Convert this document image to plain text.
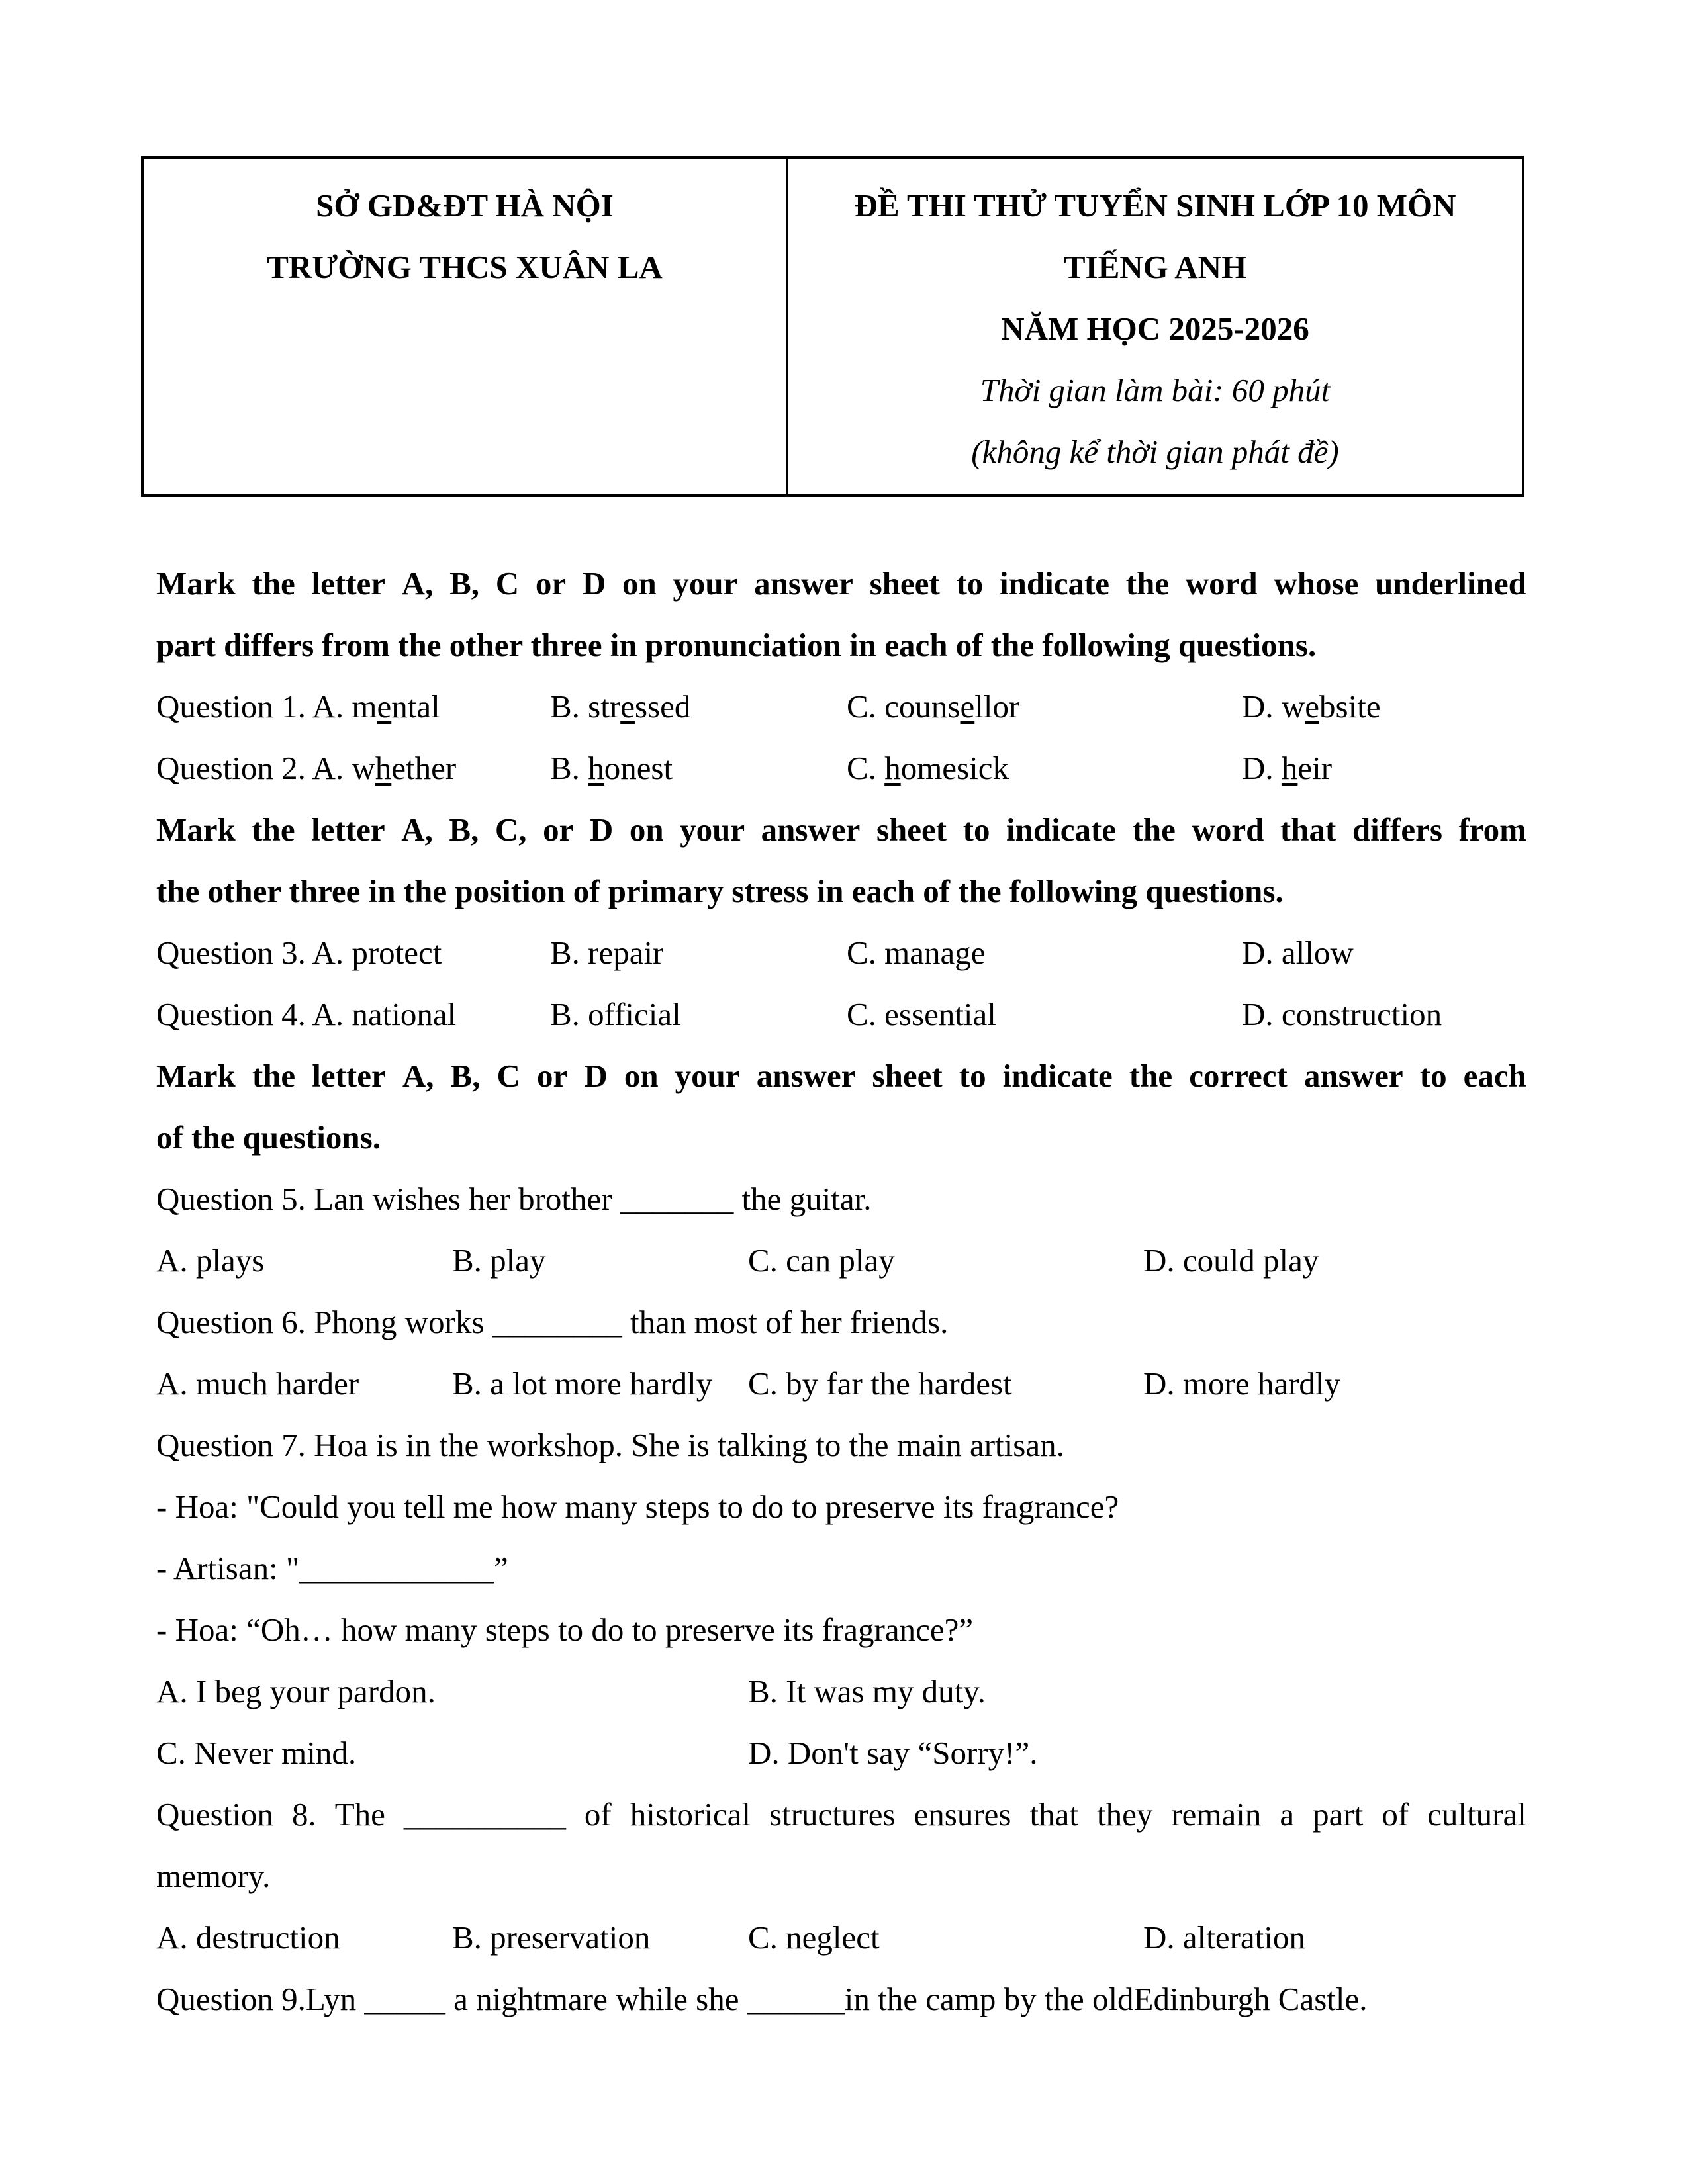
SỞ GD&ĐT HÀ NỘI
TRƯỜNG THCS XUÂN LA
ĐỀ THI THỬ TUYỂN SINH LỚP 10 MÔN
TIẾNG ANH
NĂM HỌC 2025-2026
Thời gian làm bài: 60 phút
(không kể thời gian phát đề)
Mark the letter A, B, C or D on your answer sheet to indicate the word whose underlined
part differs from the other three in pronunciation in each of the following questions.
Question 1. A. mental	B. stressed	C. counsellor	D. website
Question 2. A. whether	B. honest	C. homesick	D. heir
Mark the letter A, B, C, or D on your answer sheet to indicate the word that differs from
the other three in the position of primary stress in each of the following questions.
Question 3. A. protect	B. repair	C. manage	D. allow
Question 4. A. national	B. official	C. essential	D. construction
Mark the letter A, B, C or D on your answer sheet to indicate the correct answer to each
of the questions.
Question 5. Lan wishes her brother _______ the guitar.
A. plays	B. play	C. can play	D. could play
Question 6. Phong works ________ than most of her friends.
A. much harder	B. a lot more hardly C. by far the hardest	D. more hardly
Question 7. Hoa is in the workshop. She is talking to the main artisan.
- Hoa: "Could you tell me how many steps to do to preserve its fragrance?
- Artisan: "____________”
- Hoa: “Oh… how many steps to do to preserve its fragrance?”
A. I beg your pardon.	B. It was my duty.
C. Never mind.	D. Don't say “Sorry!”.
Question 8. The __________ of historical structures ensures that they remain a part of cultural
memory.
A. destruction	B. preservation	C. neglect	D. alteration
Question 9.Lyn _____ a nightmare while she ______in the camp by the oldEdinburgh Castle.
